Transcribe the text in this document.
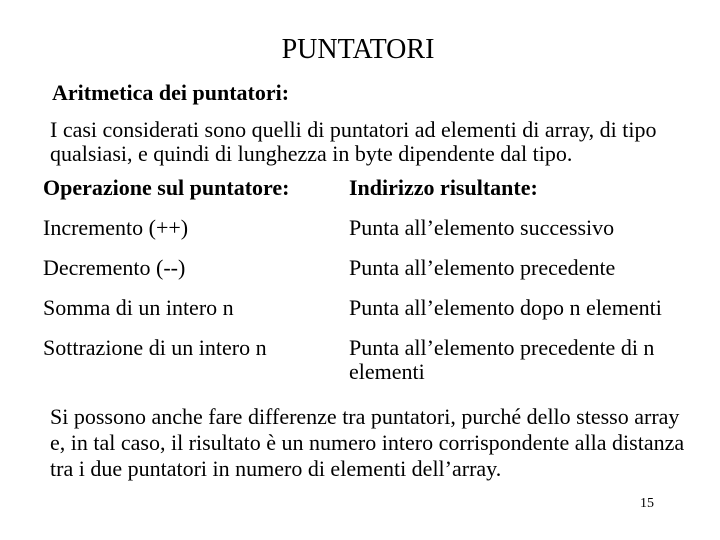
PUNTATORI
Aritmetica dei puntatori:
I casi considerati sono quelli di puntatori ad elementi di array, di tipo qualsiasi, e quindi di lunghezza in byte dipendente dal tipo.
Operazione sul puntatore:	Indirizzo risultante:
Incremento (++)	Punta all’elemento successivo
Decremento (--)	Punta all’elemento precedente
Somma di un intero n	Punta all’elemento dopo n elementi
Sottrazione di un intero n	Punta all’elemento precedente di n elementi
Si possono anche fare differenze tra puntatori, purché dello stesso array e, in tal caso, il risultato è un numero intero corrispondente alla distanza tra i due puntatori in numero di elementi dell’array.
15
